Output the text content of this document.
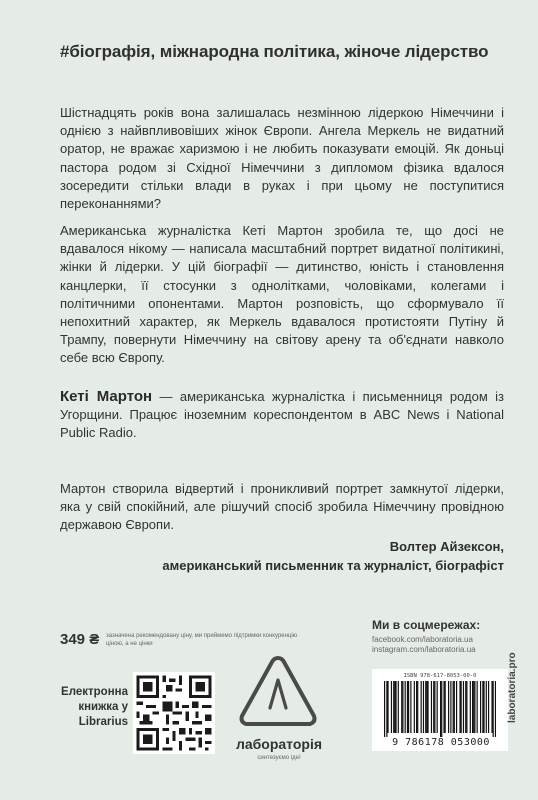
#біографія, міжнародна політика, жіноче лідерство

Шістнадцять років вона залишалась незмінною лідеркою Німеччини і однією з найвпливовіших жінок Європи. Ангела Меркель не видатний оратор, не вражає харизмою і не любить показувати емоцій. Як доньці пастора родом зі Східної Німеччини з дипломом фізика вдалося зосередити стільки влади в руках і при цьому не поступитися переконаннями?

Американська журналістка Кеті Мартон зробила те, що досі не вдавалося нікому — написала масштабний портрет видатної політикині, жінки й лідерки. У цій біографії — дитинство, юність і становлення канцлерки, її стосунки з однолітками, чоловіками, колегами і політичними опонентами. Мартон розповість, що сформувало її непохитний характер, як Меркель вдавалося протистояти Путіну й Трампу, повернути Німеччину на світову арену та об'єднати навколо себе всю Європу.

Кеті Мартон — американська журналістка і письменниця родом із Угорщини. Працює іноземним кореспондентом в ABC News і National Public Radio.

Мартон створила відвертий і проникливий портрет замкнутої лідерки, яка у свій спокійний, але рішучий спосіб зробила Німеччину провідною державою Європи.

Волтер Айзексон,
американський письменник та журналіст, біографіст
349 ₴ зазначена рекомендовану ціну, ми приймемо підтримки конкуренцію ціною, а не цінки
Електронна книжка у Librarius
лабораторія
синтезуємо ідеї
Ми в соцмережах:
facebook.com/laboratoria.ua
instagram.com/laboratoria.ua
ISBN 978-617-8053-00-0
9 786178 053000
laboratoria.pro
